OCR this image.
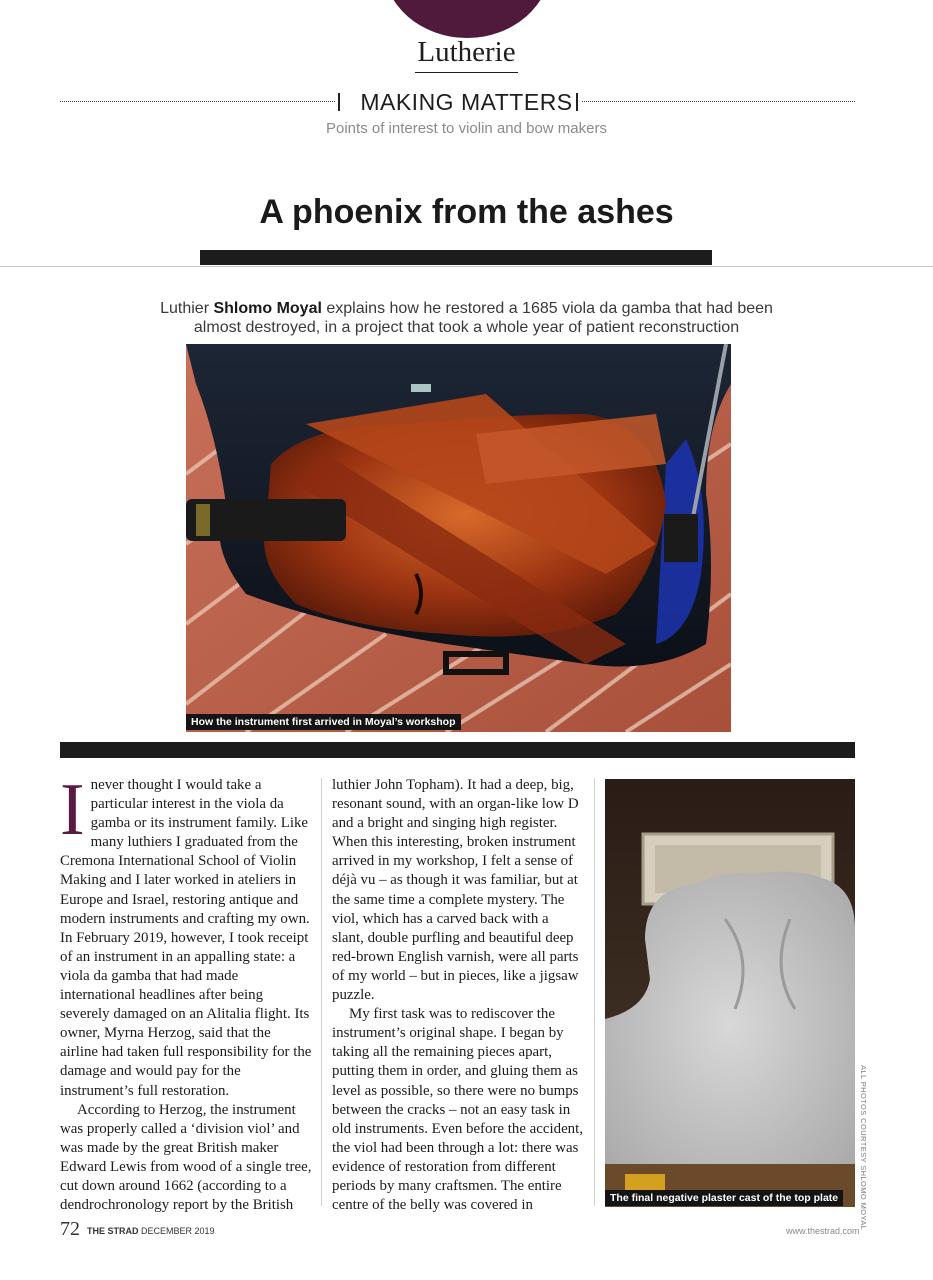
Lutherie
MAKING MATTERS
Points of interest to violin and bow makers
A phoenix from the ashes
Luthier Shlomo Moyal explains how he restored a 1685 viola da gamba that had been almost destroyed, in a project that took a whole year of patient reconstruction
How the instrument first arrived in Moyal’s workshop
I never thought I would take a particular interest in the viola da gamba or its instrument family. Like many luthiers I graduated from the Cremona International School of Violin Making and I later worked in ateliers in Europe and Israel, restoring antique and modern instruments and crafting my own. In February 2019, however, I took receipt of an instrument in an appalling state: a viola da gamba that had made international headlines after being severely damaged on an Alitalia flight. Its owner, Myrna Herzog, said that the airline had taken full responsibility for the damage and would pay for the instrument’s full restoration.

According to Herzog, the instrument was properly called a ‘division viol’ and was made by the great British maker Edward Lewis from wood of a single tree, cut down around 1662 (according to a dendrochronology report by the British

luthier John Topham). It had a deep, big, resonant sound, with an organ-like low D and a bright and singing high register. When this interesting, broken instrument arrived in my workshop, I felt a sense of déjà vu – as though it was familiar, but at the same time a complete mystery. The viol, which has a carved back with a slant, double purfling and beautiful deep red-brown English varnish, were all parts of my world – but in pieces, like a jigsaw puzzle.

My first task was to rediscover the instrument’s original shape. I began by taking all the remaining pieces apart, putting them in order, and gluing them as level as possible, so there were no bumps between the cracks – not an easy task in old instruments. Even before the accident, the viol had been through a lot: there was evidence of restoration from different periods by many craftsmen. The entire centre of the belly was covered in	The final negative plaster cast of the top plate	ALL PHOTOS COURTESY SHLOMO MOYAL
72 THE STRAD DECEMBER 2019	www.thestrad.com
